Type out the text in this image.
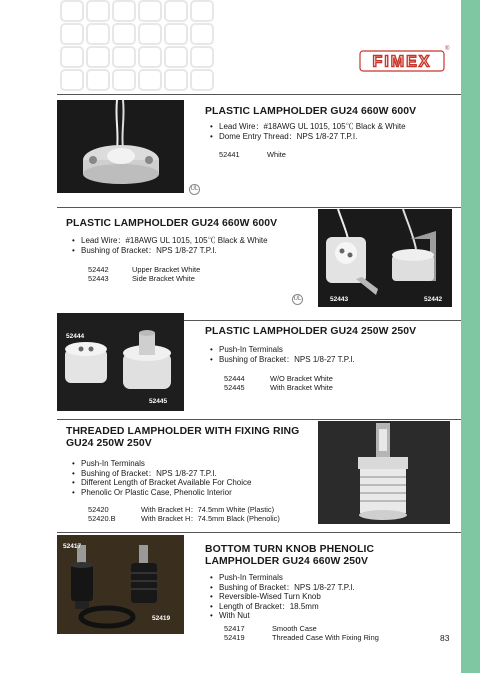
FIMEX
®
PLASTIC LAMPHOLDER GU24 660W 600V
• Lead Wire：#18AWG UL 1015, 105℃ Black & White
• Dome Entry Thread：NPS 1/8-27 T.P.I.
52441	White
UL
PLASTIC LAMPHOLDER GU24 660W 600V
• Lead Wire：#18AWG UL 1015, 105℃ Black & White
• Bushing of Bracket：NPS 1/8-27 T.P.I.
52442	Upper Bracket White
52443	Side Bracket White
UL	52443	52442
52444
52445
PLASTIC LAMPHOLDER GU24 250W 250V
• Push-In Terminals
• Bushing of Bracket：NPS 1/8-27 T.P.I.
52444	W/O Bracket White
52445	With Bracket White
THREADED LAMPHOLDER WITH FIXING RING
GU24 250W 250V
• Push-In Terminals
• Bushing of Bracket：NPS 1/8-27 T.P.I.
• Different Length of Bracket Available For Choice
• Phenolic Or Plastic Case, Phenolic Interior
52420	With Bracket H：74.5mm White (Plastic)
52420.B	With Bracket H：74.5mm Black (Phenolic)
52417
52419
BOTTOM TURN KNOB PHENOLIC
LAMPHOLDER GU24 660W 250V
• Push-In Terminals
• Bushing of Bracket：NPS 1/8-27 T.P.I.
• Reversible-Wised Turn Knob
• Length of Bracket：18.5mm
• With Nut
52417	Smooth Case
52419	Threaded Case With Fixing Ring	83
